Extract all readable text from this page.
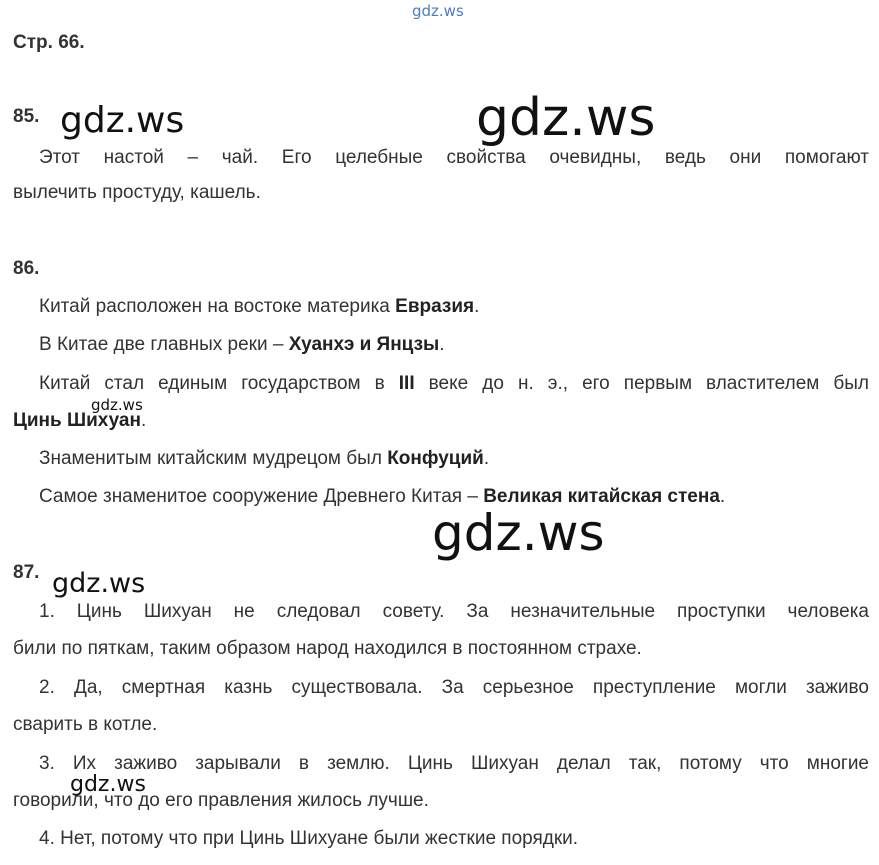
gdz.ws
Стр. 66.
85. gdz.ws	gdz.ws
Этот настой – чай. Его целебные свойства очевидны, ведь они помогают
вылечить простуду, кашель.
86.
Китай расположен на востоке материка Евразия.
В Китае две главных реки – Хуанхэ и Янцзы.
Китай стал единым государством в III веке до н. э., его первым властителем был
gdz.ws
Цинь Шихуан.
Знаменитым китайским мудрецом был Конфуций.
Самое знаменитое сооружение Древнего Китая – Великая китайская стена.
gdz.ws
87. gdz.ws
1. Цинь Шихуан не следовал совету. За незначительные проступки человека
били по пяткам, таким образом народ находился в постоянном страхе.
2. Да, смертная казнь существовала. За серьезное преступление могли заживо
сварить в котле.
3. Их заживо зарывали в землю. Цинь Шихуан делал так, потому что многие
говорили, что до его правления жилось лучше.
gdz.ws
4. Нет, потому что при Цинь Шихуане были жесткие порядки.
